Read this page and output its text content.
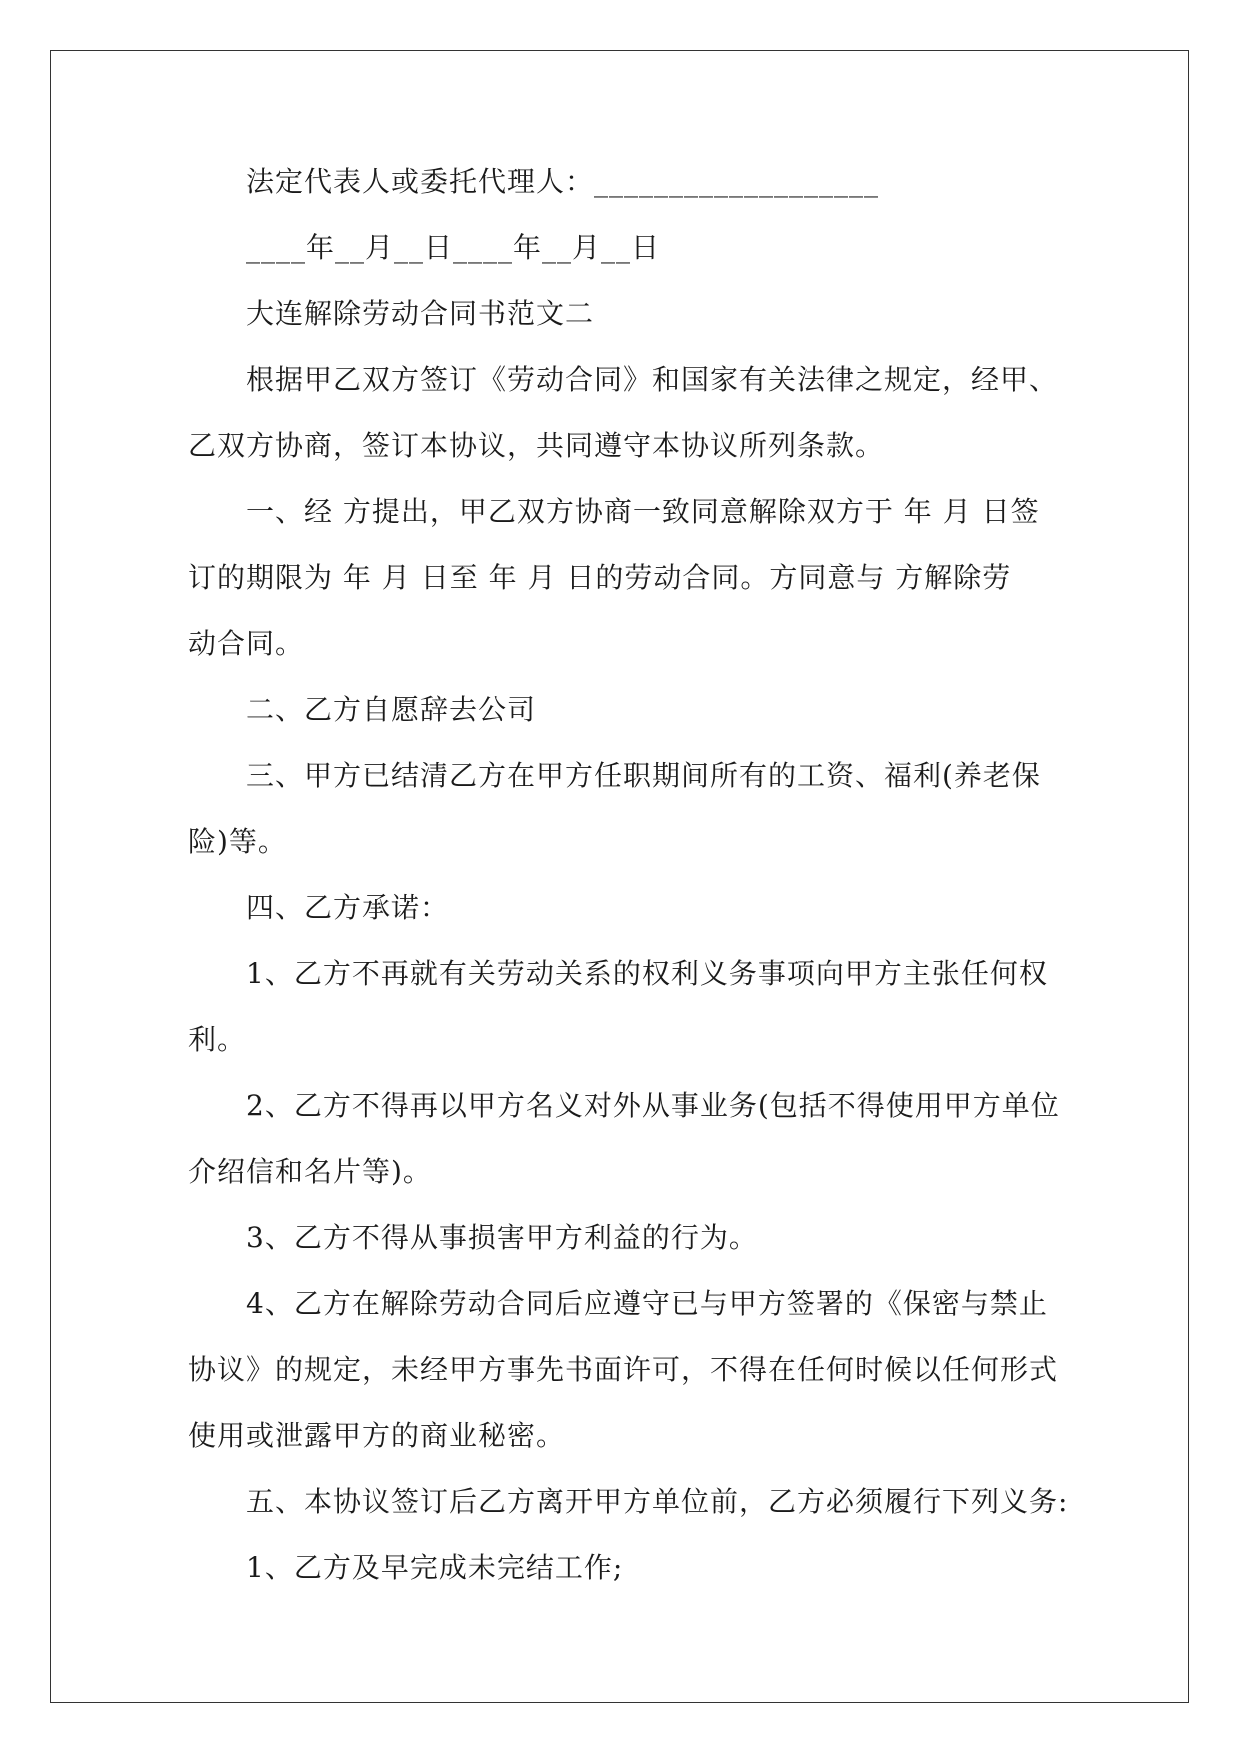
法定代表人或委托代理人：___________________
____年__月__日____年__月__日
大连解除劳动合同书范文二
根据甲乙双方签订《劳动合同》和国家有关法律之规定，经甲、
乙双方协商，签订本协议，共同遵守本协议所列条款。
一、经 方提出，甲乙双方协商一致同意解除双方于 年 月 日签
订的期限为 年 月 日至 年 月 日的劳动合同。方同意与 方解除劳
动合同。
二、乙方自愿辞去公司
三、甲方已结清乙方在甲方任职期间所有的工资、福利(养老保
险)等。
四、乙方承诺：
1、乙方不再就有关劳动关系的权利义务事项向甲方主张任何权
利。
2、乙方不得再以甲方名义对外从事业务(包括不得使用甲方单位
介绍信和名片等)。
3、乙方不得从事损害甲方利益的行为。
4、乙方在解除劳动合同后应遵守已与甲方签署的《保密与禁止
协议》的规定，未经甲方事先书面许可，不得在任何时候以任何形式
使用或泄露甲方的商业秘密。
五、本协议签订后乙方离开甲方单位前，乙方必须履行下列义务:
1、乙方及早完成未完结工作;
